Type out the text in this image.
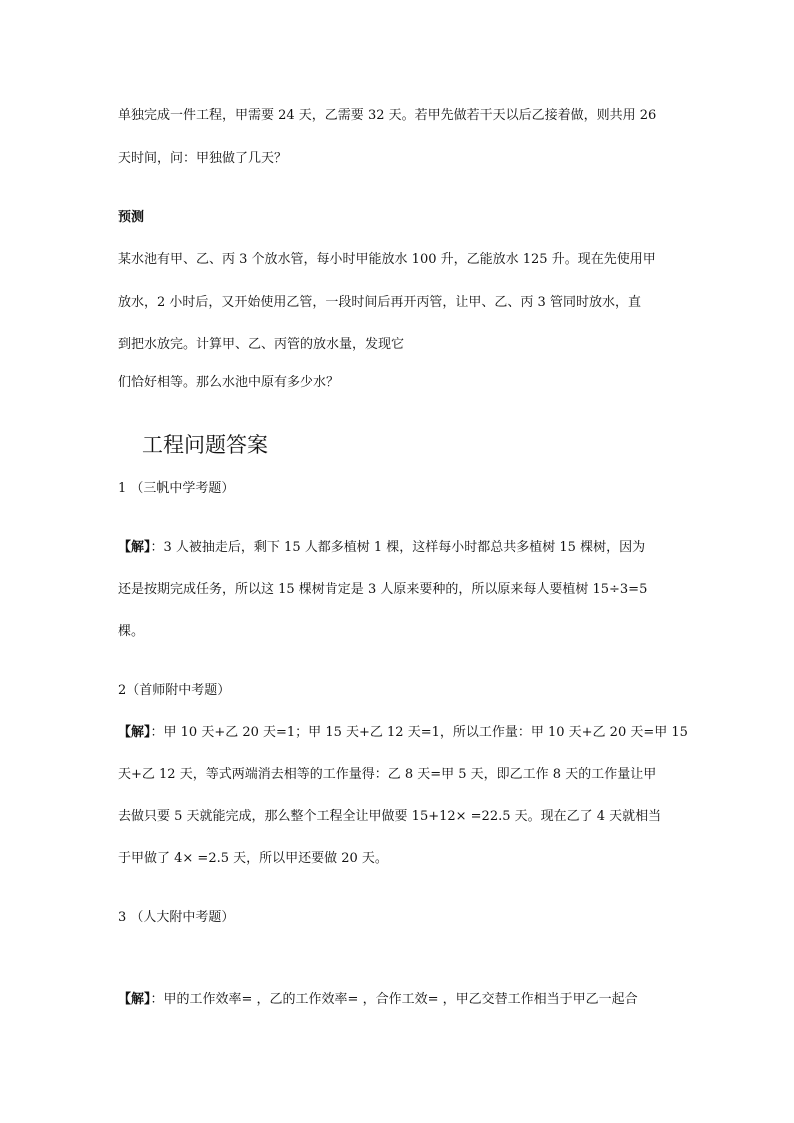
单独完成一件工程，甲需要 24 天，乙需要 32 天。若甲先做若干天以后乙接着做，则共用 26
天时间，问：甲独做了几天？
预测
某水池有甲、乙、丙 3 个放水管，每小时甲能放水 100 升，乙能放水 125 升。现在先使用甲
放水，2 小时后，又开始使用乙管，一段时间后再开丙管，让甲、乙、丙 3 管同时放水，直
到把水放完。计算甲、乙、丙管的放水量，发现它
们恰好相等。那么水池中原有多少水？
工程问题答案
1 （三帆中学考题）
【解】：3 人被抽走后，剩下 15 人都多植树 1 棵，这样每小时都总共多植树 15 棵树，因为
还是按期完成任务，所以这 15 棵树肯定是 3 人原来要种的，所以原来每人要植树 15÷3=5
棵。
2（首师附中考题）
【解】：甲 10 天+乙 20 天=1；甲 15 天+乙 12 天=1，所以工作量：甲 10 天+乙 20 天=甲 15
天+乙 12 天，等式两端消去相等的工作量得：乙 8 天=甲 5 天，即乙工作 8 天的工作量让甲
去做只要 5 天就能完成，那么整个工程全让甲做要 15+12× =22.5 天。现在乙了 4 天就相当
于甲做了 4× =2.5 天，所以甲还要做 20 天。
3 （人大附中考题）
【解】：甲的工作效率= ，乙的工作效率= ，合作工效= ，甲乙交替工作相当于甲乙一起合
